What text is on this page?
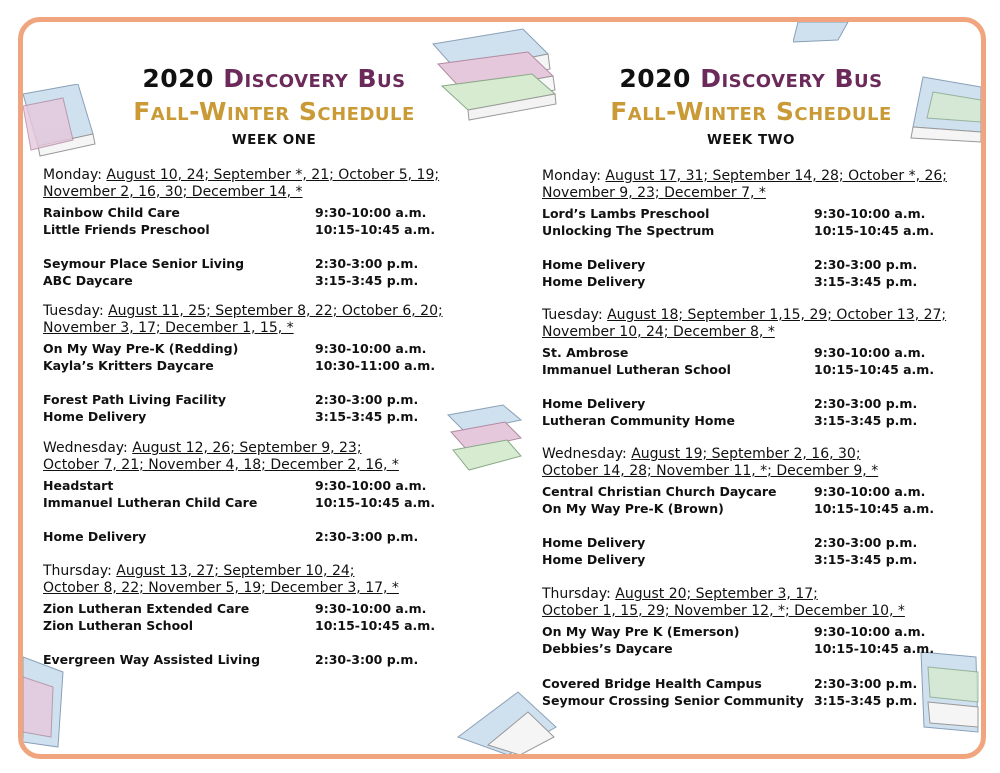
2020 Discovery Bus
Fall-Winter Schedule
WEEK ONE
Monday: August 10, 24; September *, 21; October 5, 19;
November 2, 16, 30; December 14, *
Rainbow Child Care	9:30-10:00 a.m.
Little Friends Preschool	10:15-10:45 a.m.
Seymour Place Senior Living	2:30-3:00 p.m.
ABC Daycare	3:15-3:45 p.m.
Tuesday: August 11, 25; September 8, 22; October 6, 20;
November 3, 17; December 1, 15, *
On My Way Pre-K (Redding)	9:30-10:00 a.m.
Kayla’s Kritters Daycare	10:30-11:00 a.m.
Forest Path Living Facility	2:30-3:00 p.m.
Home Delivery	3:15-3:45 p.m.
Wednesday: August 12, 26; September 9, 23;
October 7, 21; November 4, 18; December 2, 16, *
Headstart	9:30-10:00 a.m.
Immanuel Lutheran Child Care	10:15-10:45 a.m.
Home Delivery	2:30-3:00 p.m.
Thursday: August 13, 27; September 10, 24;
October 8, 22; November 5, 19; December 3, 17, *
Zion Lutheran Extended Care	9:30-10:00 a.m.
Zion Lutheran School	10:15-10:45 a.m.
Evergreen Way Assisted Living	2:30-3:00 p.m.
2020 Discovery Bus
Fall-Winter Schedule
WEEK TWO
Monday: August 17, 31; September 14, 28; October *, 26;
November 9, 23; December 7, *
Lord’s Lambs Preschool	9:30-10:00 a.m.
Unlocking The Spectrum	10:15-10:45 a.m.
Home Delivery	2:30-3:00 p.m.
Home Delivery	3:15-3:45 p.m.
Tuesday: August 18; September 1,15, 29; October 13, 27;
November 10, 24; December 8, *
St. Ambrose	9:30-10:00 a.m.
Immanuel Lutheran School	10:15-10:45 a.m.
Home Delivery	2:30-3:00 p.m.
Lutheran Community Home	3:15-3:45 p.m.
Wednesday: August 19; September 2, 16, 30;
October 14, 28; November 11, *; December 9, *
Central Christian Church Daycare	9:30-10:00 a.m.
On My Way Pre-K (Brown)	10:15-10:45 a.m.
Home Delivery	2:30-3:00 p.m.
Home Delivery	3:15-3:45 p.m.
Thursday: August 20; September 3, 17;
October 1, 15, 29; November 12, *; December 10, *
On My Way Pre K (Emerson)	9:30-10:00 a.m.
Debbies’s Daycare	10:15-10:45 a.m.
Covered Bridge Health Campus	2:30-3:00 p.m.
Seymour Crossing Senior Community 3:15-3:45 p.m.
